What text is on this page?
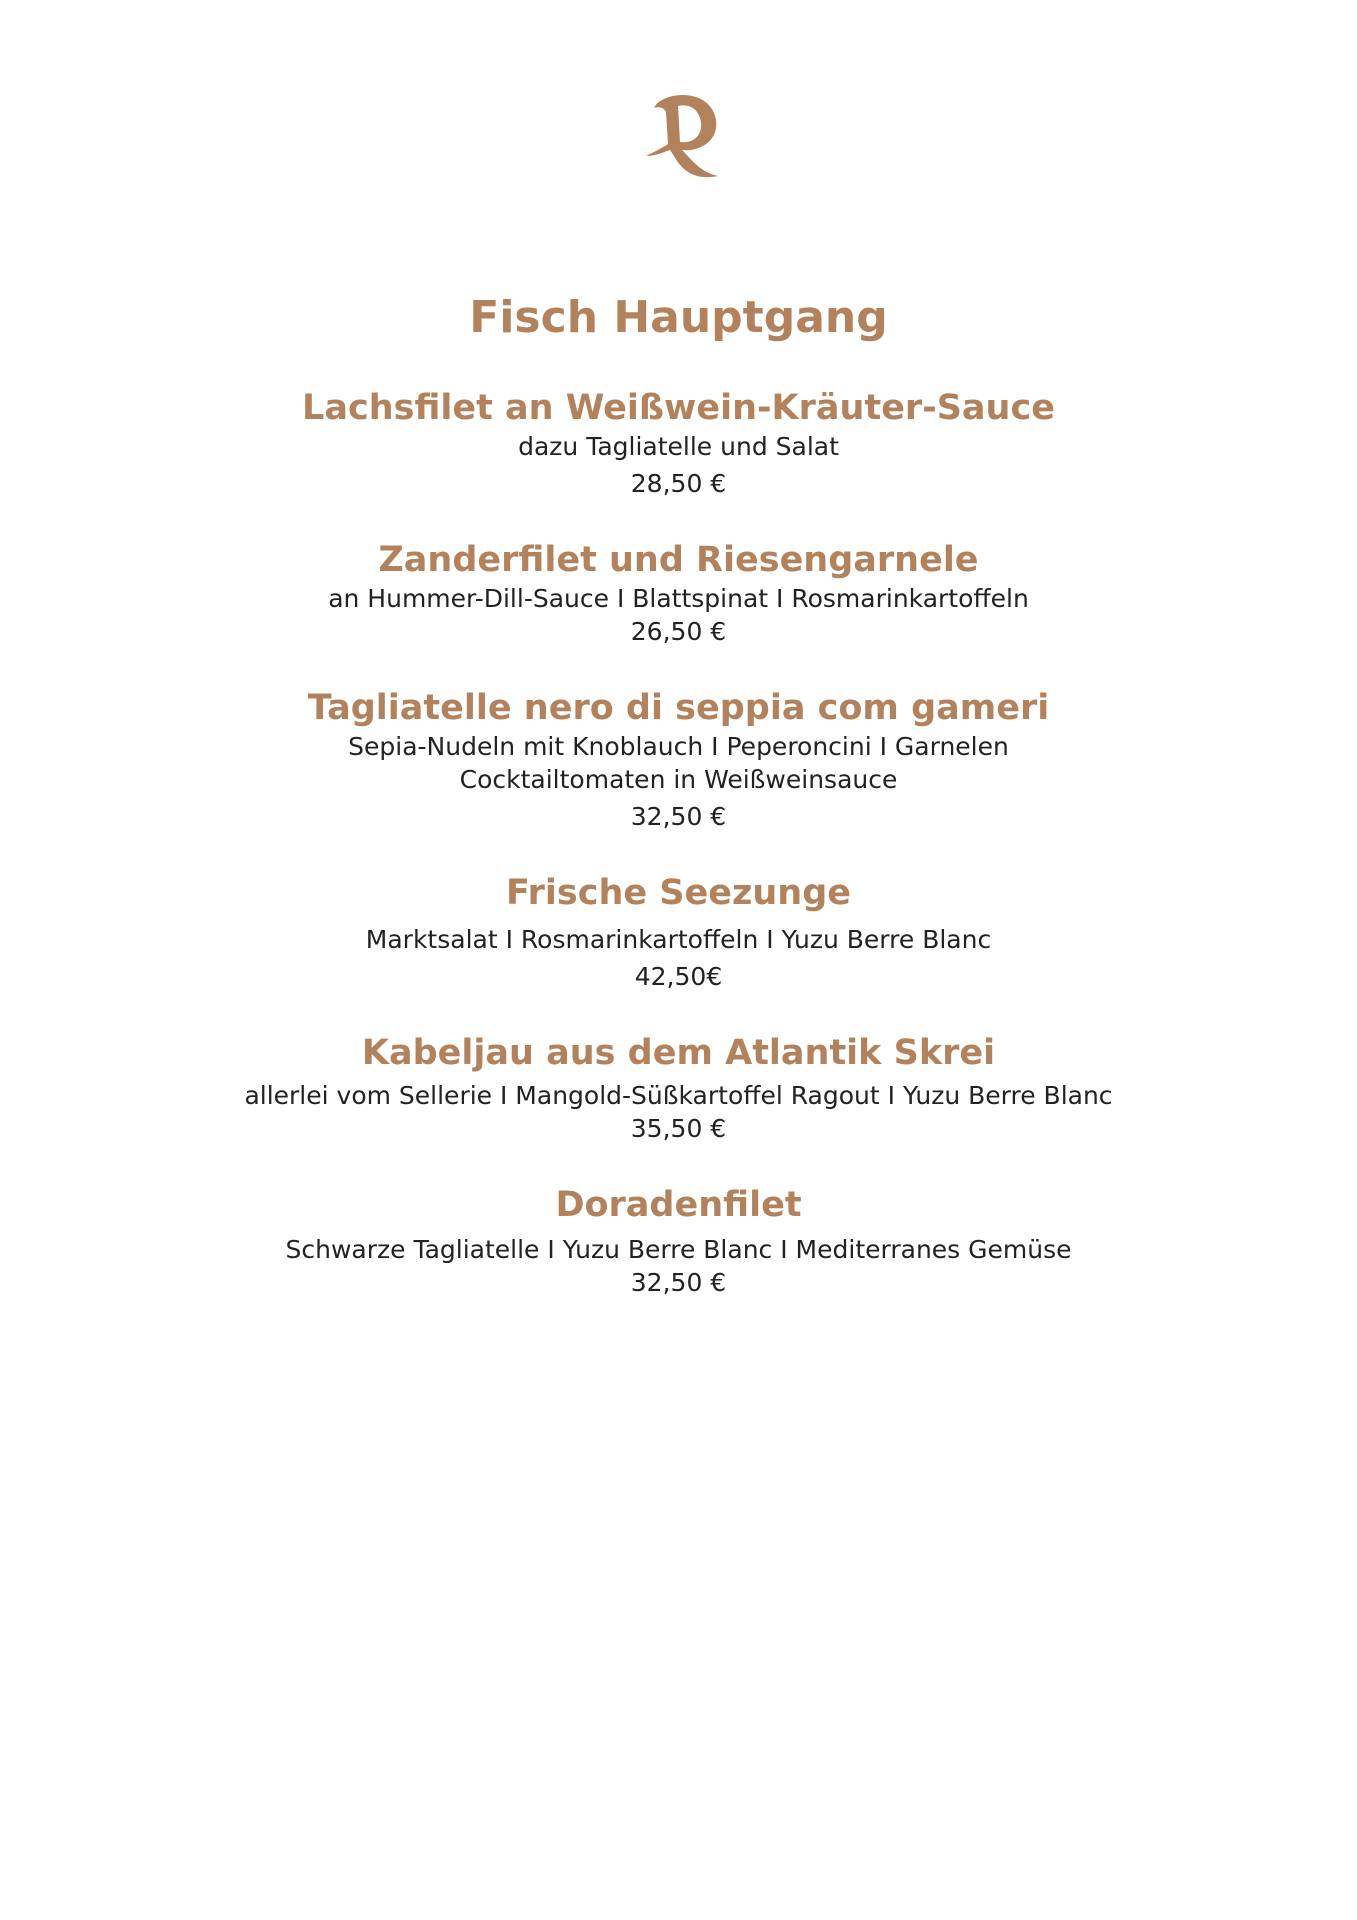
Fisch Hauptgang

Lachsfilet an Weißwein-Kräuter-Sauce

dazu Tagliatelle und Salat

28,50 €

Zanderfilet und Riesengarnele

an Hummer-Dill-Sauce I Blattspinat I Rosmarinkartoffeln

26,50 €

Tagliatelle nero di seppia com gameri

Sepia-Nudeln mit Knoblauch I Peperoncini I Garnelen

Cocktailtomaten in Weißweinsauce

32,50 €

Frische Seezunge

Marktsalat I Rosmarinkartoffeln I Yuzu Berre Blanc

42,50€

Kabeljau aus dem Atlantik Skrei

allerlei vom Sellerie I Mangold-Süßkartoffel Ragout I Yuzu Berre Blanc

35,50 €

Doradenfilet

Schwarze Tagliatelle I Yuzu Berre Blanc I Mediterranes Gemüse

32,50 €
